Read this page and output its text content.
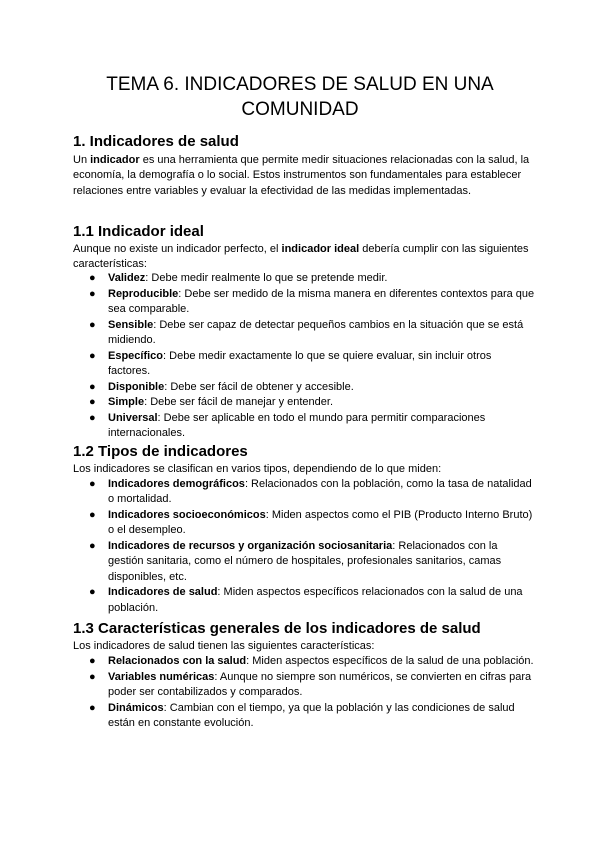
TEMA 6. INDICADORES DE SALUD EN UNA COMUNIDAD
1. Indicadores de salud

Un indicador es una herramienta que permite medir situaciones relacionadas con la salud, la economía, la demografía o lo social. Estos instrumentos son fundamentales para establecer relaciones entre variables y evaluar la efectividad de las medidas implementadas.

1.1 Indicador ideal

Aunque no existe un indicador perfecto, el indicador ideal debería cumplir con las siguientes características:

● Validez: Debe medir realmente lo que se pretende medir.
● Reproducible: Debe ser medido de la misma manera en diferentes contextos para que sea comparable.
● Sensible: Debe ser capaz de detectar pequeños cambios en la situación que se está midiendo.
● Específico: Debe medir exactamente lo que se quiere evaluar, sin incluir otros factores.
● Disponible: Debe ser fácil de obtener y accesible.
● Simple: Debe ser fácil de manejar y entender.
● Universal: Debe ser aplicable en todo el mundo para permitir comparaciones internacionales.
1.2 Tipos de indicadores

Los indicadores se clasifican en varios tipos, dependiendo de lo que miden:

● Indicadores demográficos: Relacionados con la población, como la tasa de natalidad o mortalidad.
● Indicadores socioeconómicos: Miden aspectos como el PIB (Producto Interno Bruto) o el desempleo.
● Indicadores de recursos y organización sociosanitaria: Relacionados con la gestión sanitaria, como el número de hospitales, profesionales sanitarios, camas disponibles, etc.
● Indicadores de salud: Miden aspectos específicos relacionados con la salud de una población.
1.3 Características generales de los indicadores de salud

Los indicadores de salud tienen las siguientes características:

● Relacionados con la salud: Miden aspectos específicos de la salud de una población.
● Variables numéricas: Aunque no siempre son numéricos, se convierten en cifras para poder ser contabilizados y comparados.
● Dinámicos: Cambian con el tiempo, ya que la población y las condiciones de salud están en constante evolución.
